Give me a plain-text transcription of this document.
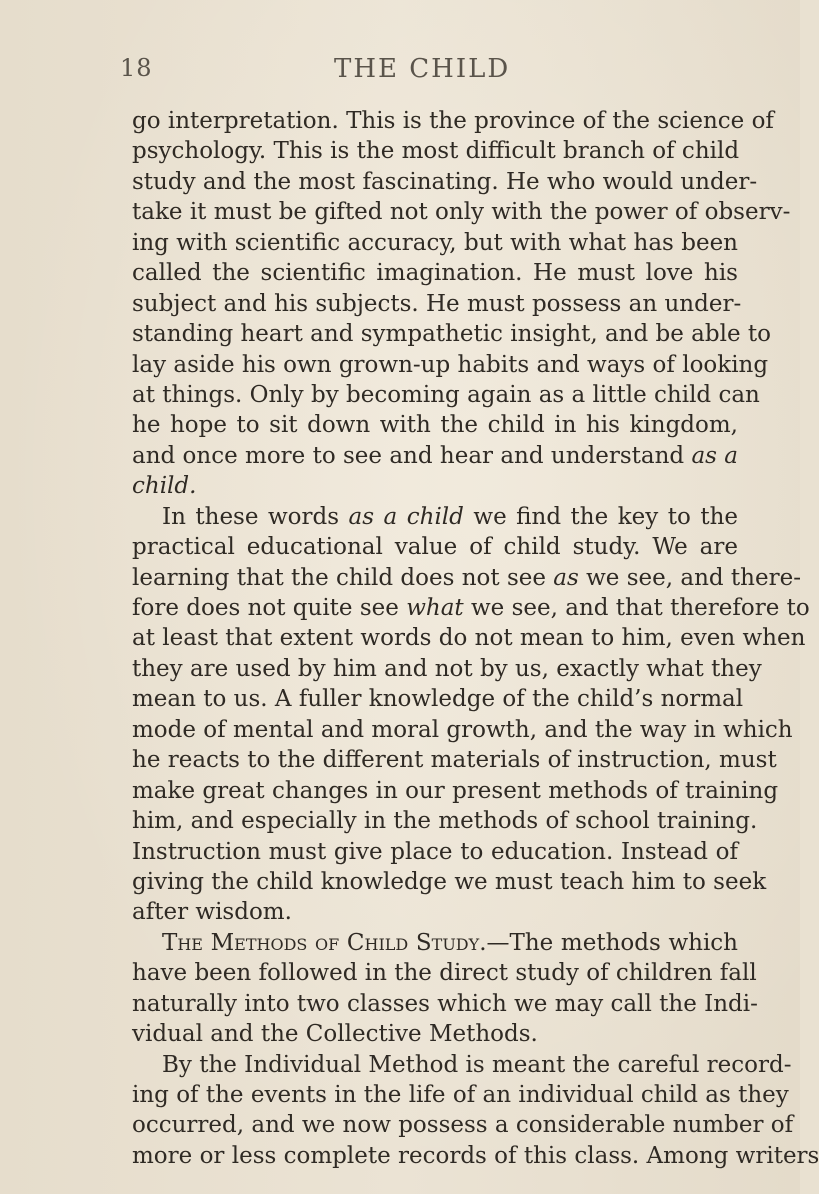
18	THE CHILD
go interpretation. This is the province of the science of
psychology. This is the most difficult branch of child
study and the most fascinating. He who would under-
take it must be gifted not only with the power of observ-
ing with scientific accuracy, but with what has been
called the scientific imagination. He must love his
subject and his subjects. He must possess an under-
standing heart and sympathetic insight, and be able to
lay aside his own grown-up habits and ways of looking
at things. Only by becoming again as a little child can
he hope to sit down with the child in his kingdom,
and once more to see and hear and understand as a
child.
In these words as a child we find the key to the
practical educational value of child study. We are
learning that the child does not see as we see, and there-
fore does not quite see what we see, and that therefore to
at least that extent words do not mean to him, even when
they are used by him and not by us, exactly what they
mean to us. A fuller knowledge of the child’s normal
mode of mental and moral growth, and the way in which
he reacts to the different materials of instruction, must
make great changes in our present methods of training
him, and especially in the methods of school training.
Instruction must give place to education. Instead of
giving the child knowledge we must teach him to seek
after wisdom.
The Methods of Child Study.—The methods which
have been followed in the direct study of children fall
naturally into two classes which we may call the Indi-
vidual and the Collective Methods.
By the Individual Method is meant the careful record-
ing of the events in the life of an individual child as they
occurred, and we now possess a considerable number of
more or less complete records of this class. Among writers
